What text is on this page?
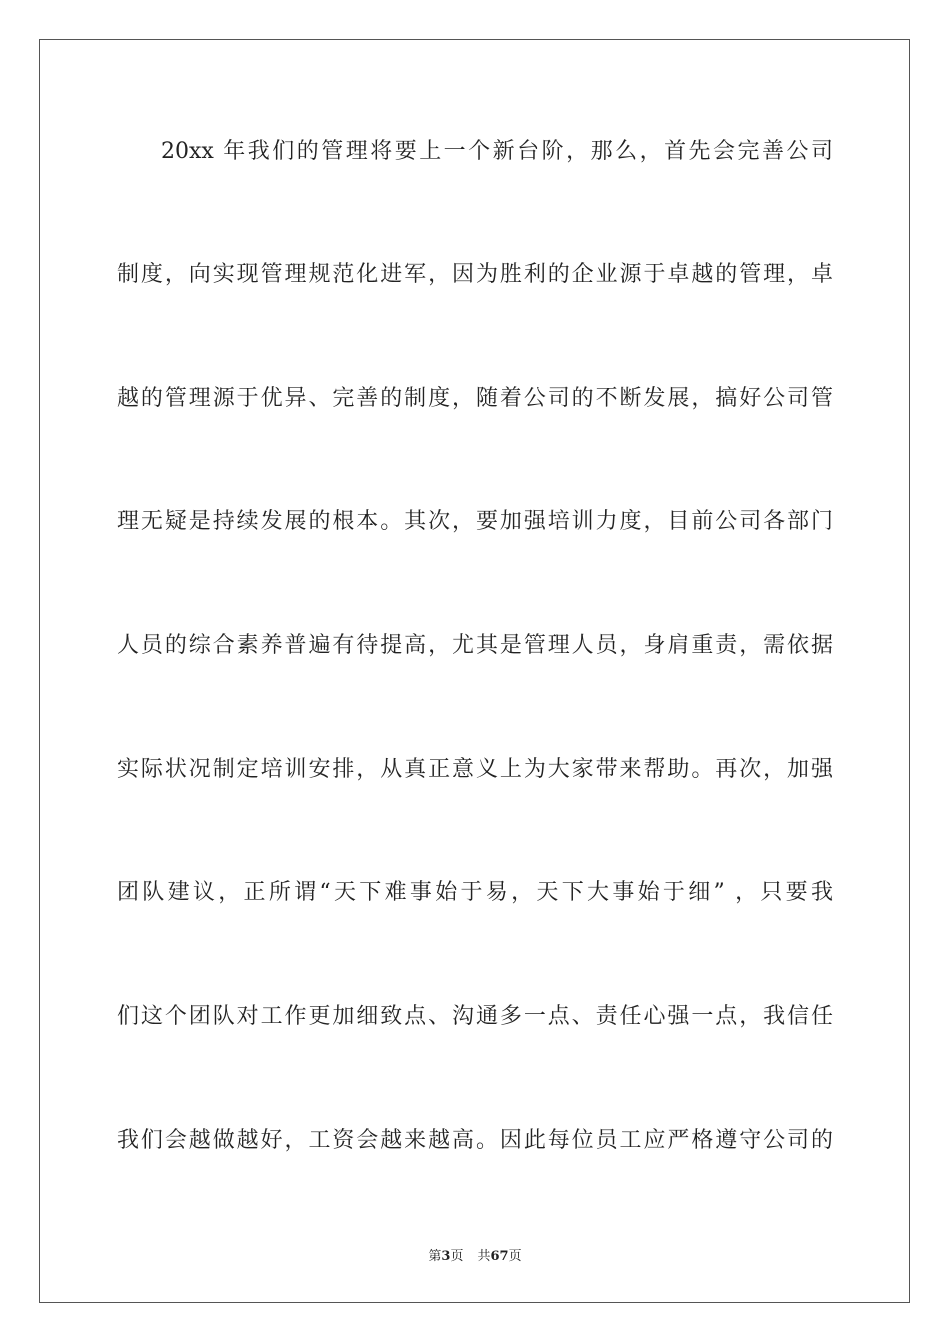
20xx 年我们的管理将要上一个新台阶，那么，首先会完善公司
制度，向实现管理规范化进军，因为胜利的企业源于卓越的管理，卓
越的管理源于优异、完善的制度，随着公司的不断发展，搞好公司管
理无疑是持续发展的根本。其次，要加强培训力度，目前公司各部门
人员的综合素养普遍有待提高，尤其是管理人员，身肩重责，需依据
实际状况制定培训安排，从真正意义上为大家带来帮助。再次，加强
团队建议，正所谓“天下难事始于易，天下大事始于细” ，只要我
们这个团队对工作更加细致点、沟通多一点、责任心强一点，我信任
我们会越做越好，工资会越来越高。因此每位员工应严格遵守公司的
第3页 共67页
